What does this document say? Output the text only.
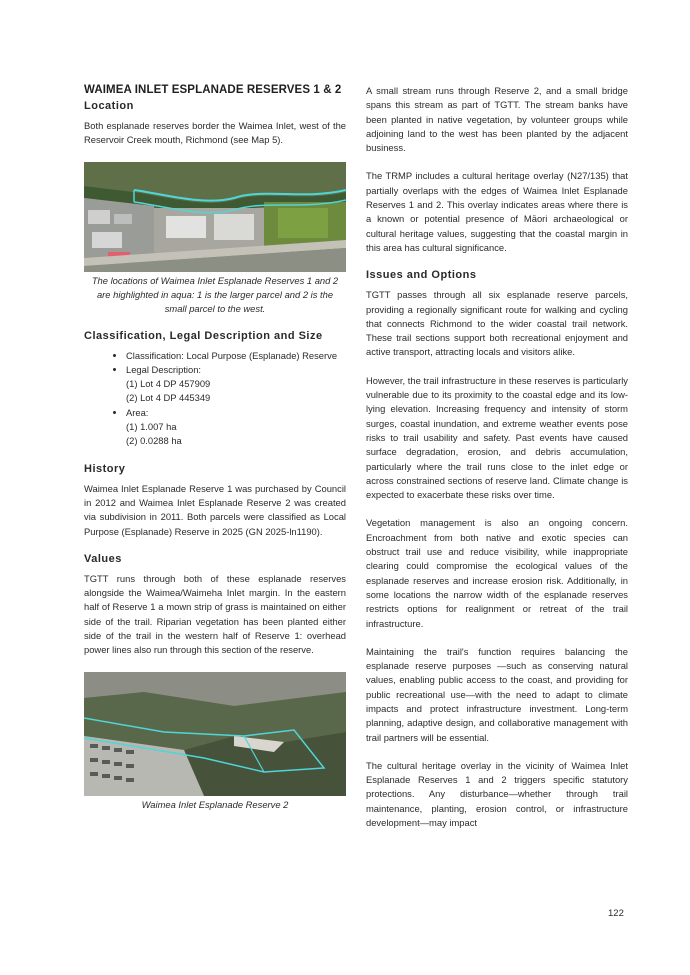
WAIMEA INLET ESPLANADE RESERVES 1 & 2
Location

Both esplanade reserves border the Waimea Inlet, west of the Reservoir Creek mouth, Richmond (see Map 5).

The locations of Waimea Inlet Esplanade Reserves 1 and 2 are highlighted in aqua: 1 is the larger parcel and 2 is the small parcel to the west.
Classification, Legal Description and Size
• Classification: Local Purpose (Esplanade) Reserve
• Legal Description:
(1) Lot 4 DP 457909
(2) Lot 4 DP 445349
• Area:
(1) 1.007 ha
(2) 0.0288 ha
History

Waimea Inlet Esplanade Reserve 1 was purchased by Council in 2012 and Waimea Inlet Esplanade Reserve 2 was created via subdivision in 2011. Both parcels were classified as Local Purpose (Esplanade) Reserve in 2025 (GN 2025-ln1190).

Values

TGTT runs through both of these esplanade reserves alongside the Waimea/Waimeha Inlet margin. In the eastern half of Reserve 1 a mown strip of grass is maintained on either side of the trail. Riparian vegetation has been planted either side of the trail in the western half of Reserve 1: overhead power lines also run through this section of the reserve.

Waimea Inlet Esplanade Reserve 2

A small stream runs through Reserve 2, and a small bridge spans this stream as part of TGTT. The stream banks have been planted in native vegetation, by volunteer groups while adjoining land to the west has been planted by the adjacent business.

The TRMP includes a cultural heritage overlay (N27/135) that partially overlaps with the edges of Waimea Inlet Esplanade Reserves 1 and 2. This overlay indicates areas where there is a known or potential presence of Māori archaeological or cultural heritage values, suggesting that the coastal margin in this area has cultural significance.

Issues and Options

TGTT passes through all six esplanade reserve parcels, providing a regionally significant route for walking and cycling that connects Richmond to the wider coastal trail network. These trail sections support both recreational enjoyment and active transport, attracting locals and visitors alike.

However, the trail infrastructure in these reserves is particularly vulnerable due to its proximity to the coastal edge and its low-lying elevation. Increasing frequency and intensity of storm surges, coastal inundation, and extreme weather events pose risks to trail usability and safety. Past events have caused surface degradation, erosion, and debris accumulation, particularly where the trail runs close to the inlet edge or across constrained sections of reserve land. Climate change is expected to exacerbate these risks over time.

Vegetation management is also an ongoing concern. Encroachment from both native and exotic species can obstruct trail use and reduce visibility, while inappropriate clearing could compromise the ecological values of the esplanade reserves and increase erosion risk. Additionally, in some locations the narrow width of the esplanade reserves restricts options for realignment or retreat of the trail infrastructure.

Maintaining the trail's function requires balancing the esplanade reserve purposes —such as conserving natural values, enabling public access to the coast, and providing for public recreational use—with the need to adapt to climate impacts and protect infrastructure investment. Long-term planning, adaptive design, and collaborative management with trail partners will be essential.

The cultural heritage overlay in the vicinity of Waimea Inlet Esplanade Reserves 1 and 2 triggers specific statutory protections. Any disturbance—whether through trail maintenance, planting, erosion control, or infrastructure development—may impact

122
